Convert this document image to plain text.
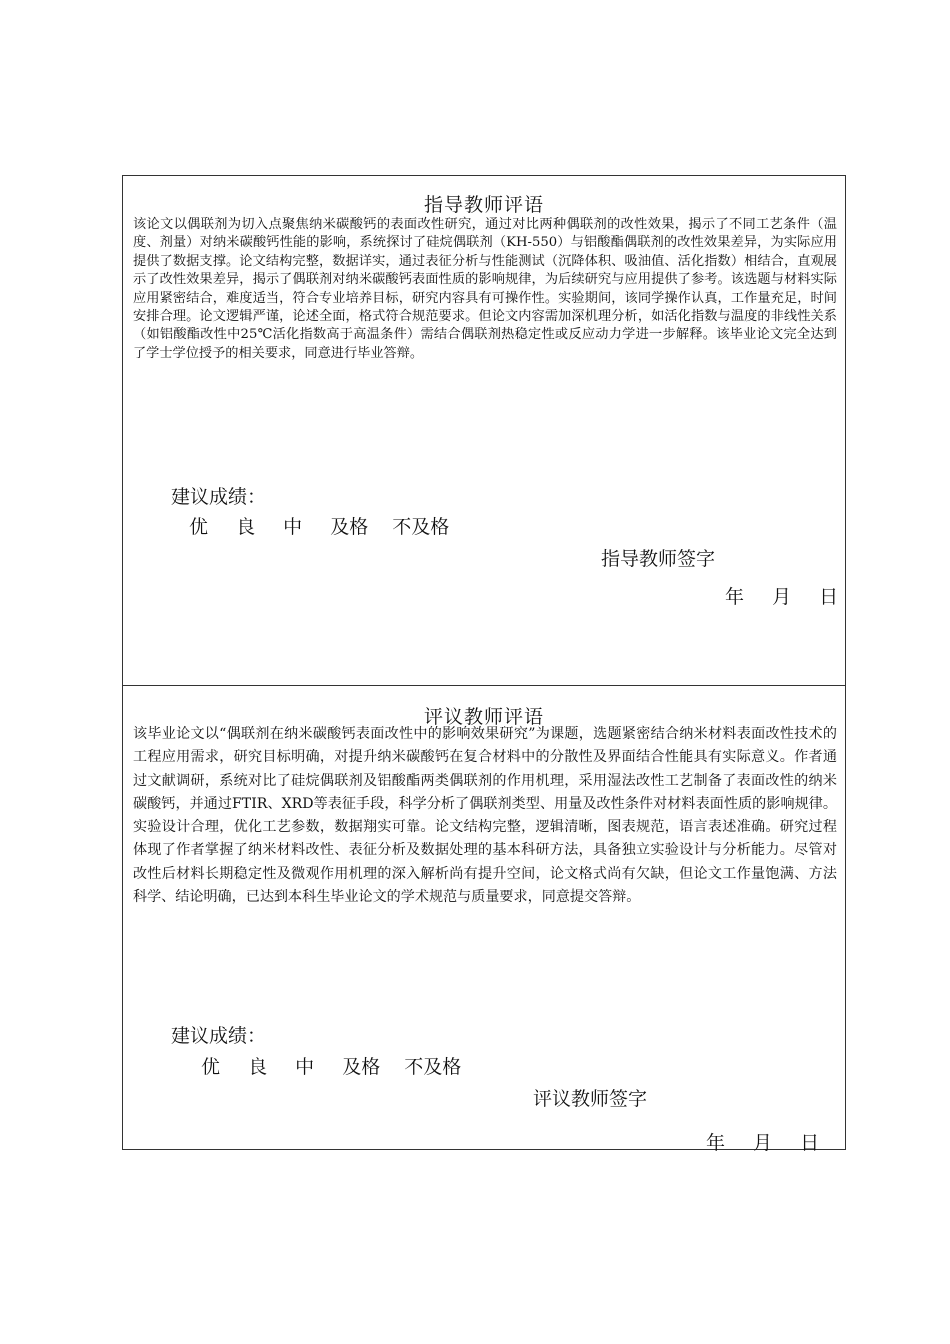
指导教师评语
该论文以偶联剂为切入点聚焦纳米碳酸钙的表面改性研究，通过对比两种偶联剂的改性效果，揭示了不同工艺条件（温度、剂量）对纳米碳酸钙性能的影响，系统探讨了硅烷偶联剂（KH-550）与铝酸酯偶联剂的改性效果差异，为实际应用提供了数据支撑。论文结构完整，数据详实，通过表征分析与性能测试（沉降体积、吸油值、活化指数）相结合，直观展示了改性效果差异，揭示了偶联剂对纳米碳酸钙表面性质的影响规律，为后续研究与应用提供了参考。该选题与材料实际应用紧密结合，难度适当，符合专业培养目标，研究内容具有可操作性。实验期间，该同学操作认真，工作量充足，时间安排合理。论文逻辑严谨，论述全面，格式符合规范要求。但论文内容需加深机理分析，如活化指数与温度的非线性关系（如铝酸酯改性中25℃活化指数高于高温条件）需结合偶联剂热稳定性或反应动力学进一步解释。该毕业论文完全达到了学士学位授予的相关要求，同意进行毕业答辩。
建议成绩：
优 良 中 及格 不及格
指导教师签字
年 月 日
评议教师评语
该毕业论文以“偶联剂在纳米碳酸钙表面改性中的影响效果研究”为课题，选题紧密结合纳米材料表面改性技术的工程应用需求，研究目标明确，对提升纳米碳酸钙在复合材料中的分散性及界面结合性能具有实际意义。作者通过文献调研，系统对比了硅烷偶联剂及铝酸酯两类偶联剂的作用机理，采用湿法改性工艺制备了表面改性的纳米碳酸钙，并通过FTIR、XRD等表征手段，科学分析了偶联剂类型、用量及改性条件对材料表面性质的影响规律。实验设计合理，优化工艺参数，数据翔实可靠。论文结构完整，逻辑清晰，图表规范，语言表述准确。研究过程体现了作者掌握了纳米材料改性、表征分析及数据处理的基本科研方法，具备独立实验设计与分析能力。尽管对改性后材料长期稳定性及微观作用机理的深入解析尚有提升空间，论文格式尚有欠缺，但论文工作量饱满、方法科学、结论明确，已达到本科生毕业论文的学术规范与质量要求，同意提交答辩。
建议成绩：
优 良 中 及格 不及格
评议教师签字
年 月 日
